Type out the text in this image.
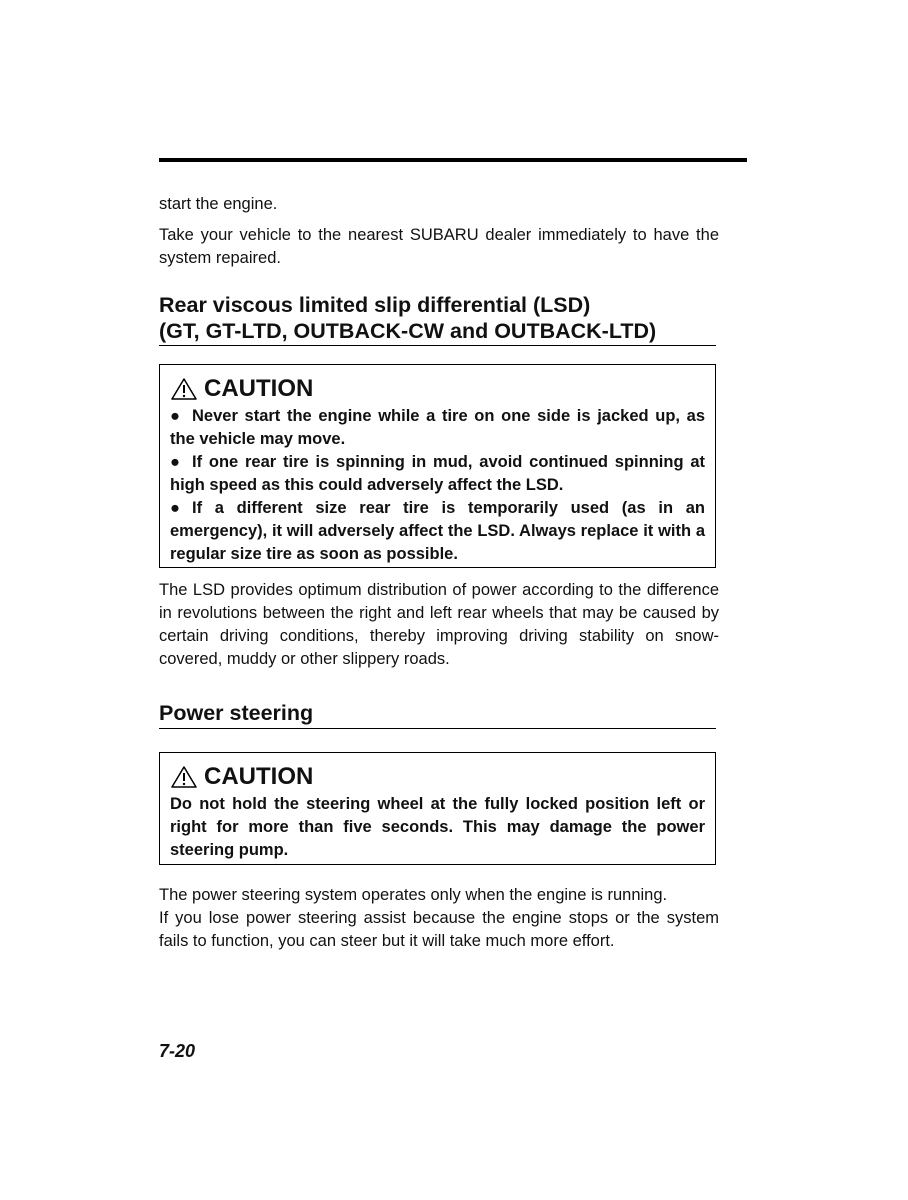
start the engine.

Take your vehicle to the nearest SUBARU dealer immediately to have the system repaired.

Rear viscous limited slip differential (LSD)
(GT, GT-LTD, OUTBACK-CW and OUTBACK-LTD)
CAUTION

● Never start the engine while a tire on one side is jacked up, as the vehicle may move.

● If one rear tire is spinning in mud, avoid continued spinning at high speed as this could adversely affect the LSD.

● If a different size rear tire is temporarily used (as in an emergency), it will adversely affect the LSD. Always replace it with a regular size tire as soon as possible.

The LSD provides optimum distribution of power according to the difference in revolutions between the right and left rear wheels that may be caused by certain driving conditions, thereby improving driving stability on snow-covered, muddy or other slippery roads.

Power steering
CAUTION

Do not hold the steering wheel at the fully locked position left or right for more than five seconds. This may damage the power steering pump.

The power steering system operates only when the engine is running.

If you lose power steering assist because the engine stops or the system fails to function, you can steer but it will take much more effort.

7-20
